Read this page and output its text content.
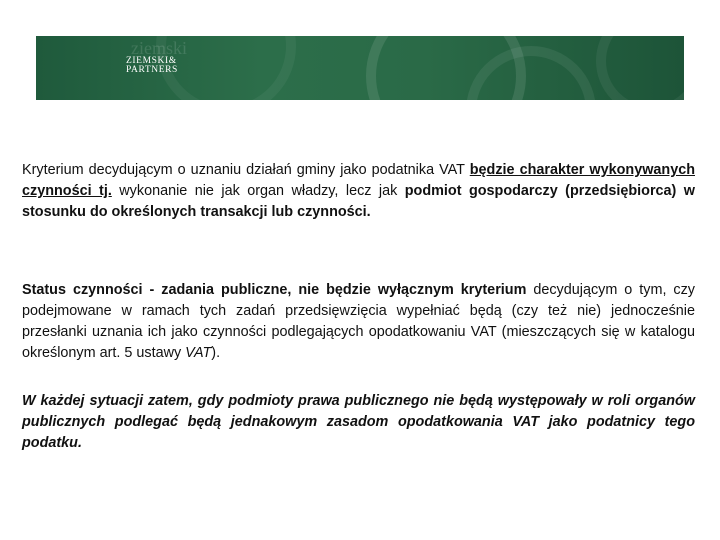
ziemski
ZIEMSKI&
PARTNERS

Kryterium decydującym o uznaniu działań gminy jako podatnika VAT będzie charakter wykonywanych czynności tj. wykonanie nie jak organ władzy, lecz jak podmiot gospodarczy (przedsiębiorca) w stosunku do określonych transakcji lub czynności.

Status czynności - zadania publiczne, nie będzie wyłącznym kryterium decydującym o tym, czy podejmowane w ramach tych zadań przedsięwzięcia wypełniać będą (czy też nie) jednocześnie przesłanki uznania ich jako czynności podlegających opodatkowaniu VAT (mieszczących się w katalogu określonym art. 5 ustawy VAT).

W każdej sytuacji zatem, gdy podmioty prawa publicznego nie będą występowały w roli organów publicznych podlegać będą jednakowym zasadom opodatkowania VAT jako podatnicy tego podatku.
